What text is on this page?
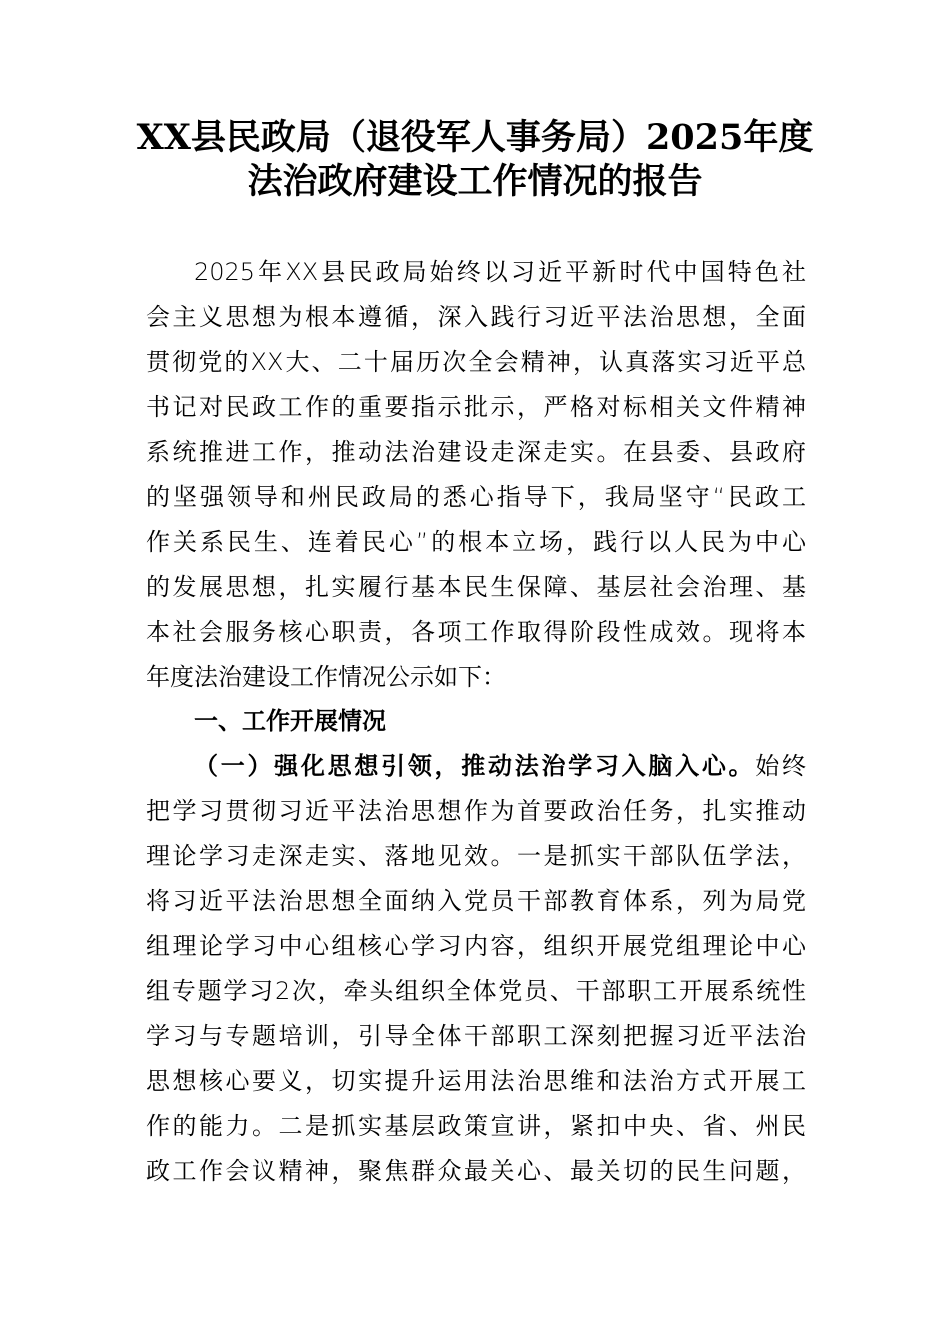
XX县民政局（退役军人事务局）2025年度
法治政府建设工作情况的报告
2025年XX县民政局始终以习近平新时代中国特色社
会主义思想为根本遵循，深入践行习近平法治思想，全面
贯彻党的XX大、二十届历次全会精神，认真落实习近平总
书记对民政工作的重要指示批示，严格对标相关文件精神
系统推进工作，推动法治建设走深走实。在县委、县政府
的坚强领导和州民政局的悉心指导下，我局坚守“民政工
作关系民生、连着民心”的根本立场，践行以人民为中心
的发展思想，扎实履行基本民生保障、基层社会治理、基
本社会服务核心职责，各项工作取得阶段性成效。现将本
年度法治建设工作情况公示如下：
一、工作开展情况
（一）强化思想引领，推动法治学习入脑入心。始终
把学习贯彻习近平法治思想作为首要政治任务，扎实推动
理论学习走深走实、落地见效。一是抓实干部队伍学法，
将习近平法治思想全面纳入党员干部教育体系，列为局党
组理论学习中心组核心学习内容，组织开展党组理论中心
组专题学习2次，牵头组织全体党员、干部职工开展系统性
学习与专题培训，引导全体干部职工深刻把握习近平法治
思想核心要义，切实提升运用法治思维和法治方式开展工
作的能力。二是抓实基层政策宣讲，紧扣中央、省、州民
政工作会议精神，聚焦群众最关心、最关切的民生问题，
